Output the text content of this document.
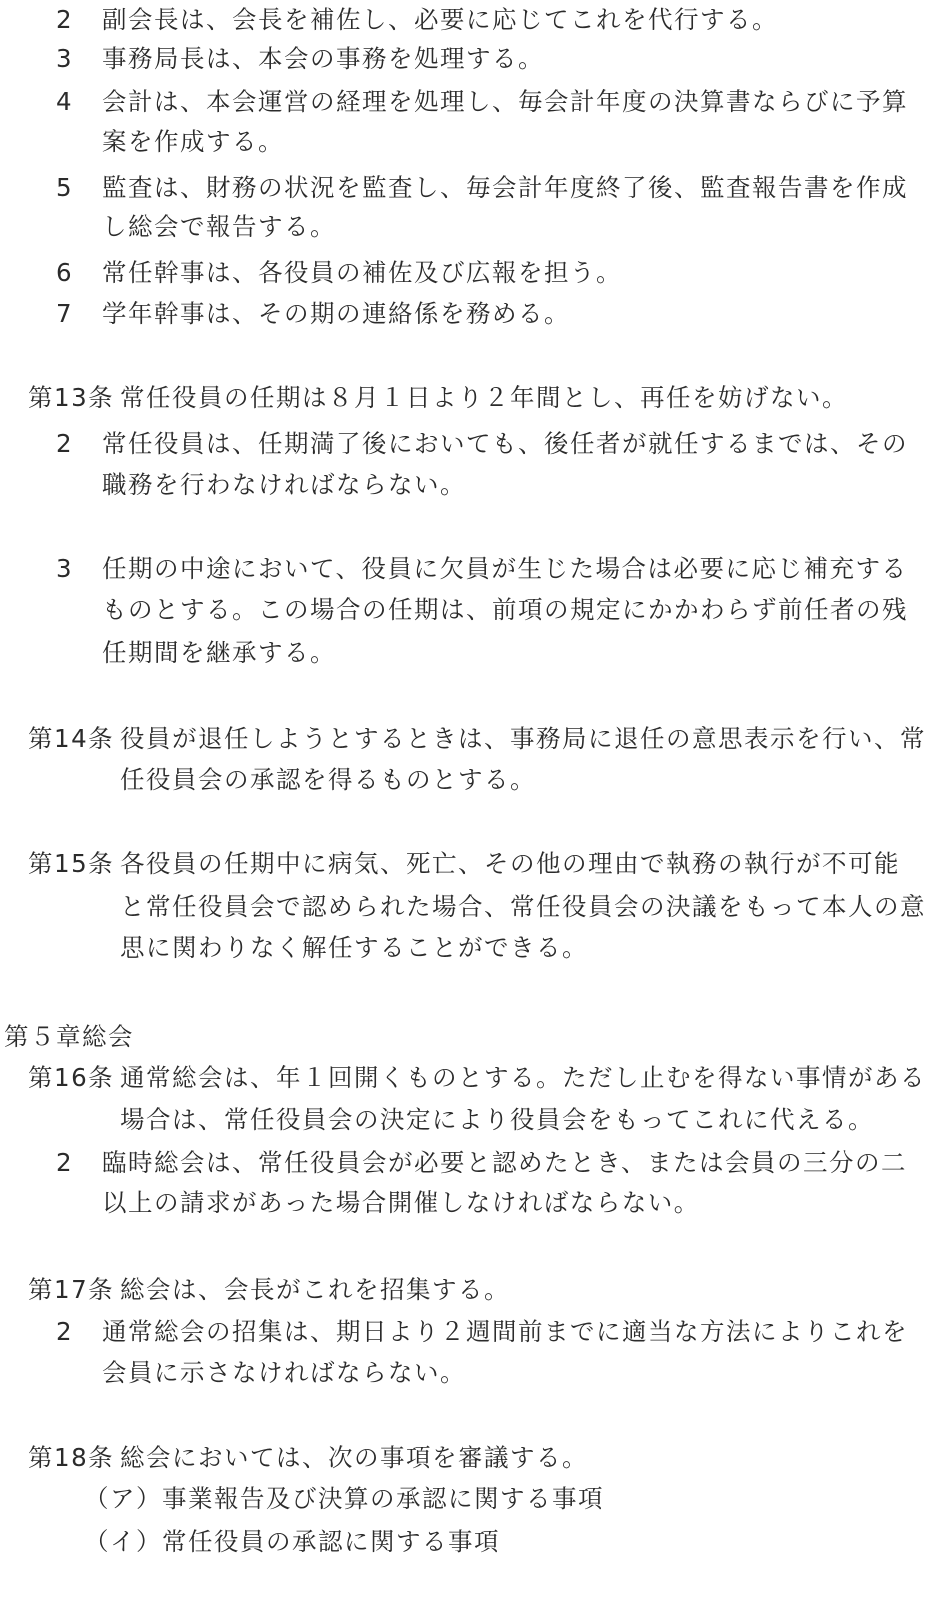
2 副会長は、会長を補佐し、必要に応じてこれを代行する。
3 事務局長は、本会の事務を処理する。
4 会計は、本会運営の経理を処理し、毎会計年度の決算書ならびに予算
案を作成する。
5 監査は、財務の状況を監査し、毎会計年度終了後、監査報告書を作成
し総会で報告する。
6 常任幹事は、各役員の補佐及び広報を担う。
7 学年幹事は、その期の連絡係を務める。
第13条 常任役員の任期は８月１日より２年間とし、再任を妨げない。
2 常任役員は、任期満了後においても、後任者が就任するまでは、その
職務を行わなければならない。
3 任期の中途において、役員に欠員が生じた場合は必要に応じ補充する
ものとする。この場合の任期は、前項の規定にかかわらず前任者の残
任期間を継承する。
第14条 役員が退任しようとするときは、事務局に退任の意思表示を行い、常
任役員会の承認を得るものとする。
第15条 各役員の任期中に病気、死亡、その他の理由で執務の執行が不可能
と常任役員会で認められた場合、常任役員会の決議をもって本人の意
思に関わりなく解任することができる。
第５章総会
第16条 通常総会は、年１回開くものとする。ただし止むを得ない事情がある
場合は、常任役員会の決定により役員会をもってこれに代える。
2 臨時総会は、常任役員会が必要と認めたとき、または会員の三分の二
以上の請求があった場合開催しなければならない。
第17条 総会は、会長がこれを招集する。
2 通常総会の招集は、期日より２週間前までに適当な方法によりこれを
会員に示さなければならない。
第18条 総会においては、次の事項を審議する。
（ア）事業報告及び決算の承認に関する事項
（イ）常任役員の承認に関する事項
